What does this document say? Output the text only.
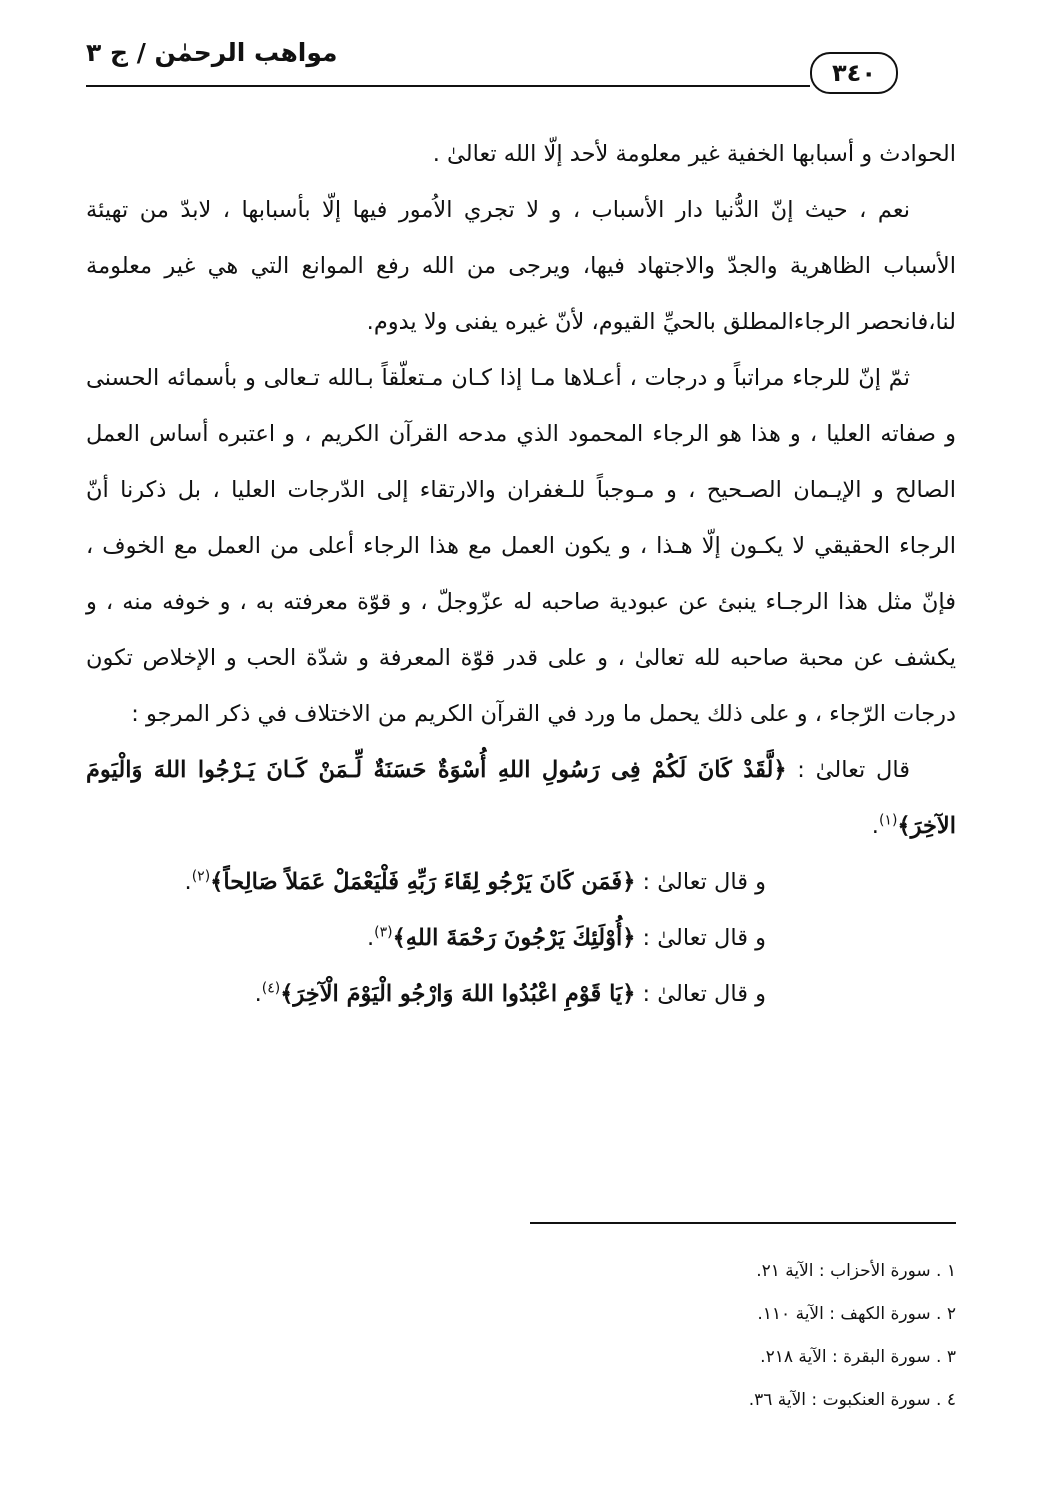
مواهب الرحمٰن / ج ٣
٣٤٠

الحوادث و أسبابها الخفية غير معلومة لأحد إلّا الله تعالىٰ .

نعم ، حيث إنّ الدُّنيا دار الأسباب ، و لا تجري الاُمور فيها إلّا بأسبابها ، لابدّ من تهيئة الأسباب الظاهرية والجدّ والاجتهاد فيها، ويرجى من الله رفع الموانع التي هي غير معلومة لنا،فانحصر الرجاءالمطلق بالحيِّ القيوم، لأنّ غيره يفنى ولا يدوم.

ثمّ إنّ للرجاء مراتباً و درجات ، أعـلاها مـا إذا كـان مـتعلّقاً بـالله تـعالى و بأسمائه الحسنى و صفاته العليا ، و هذا هو الرجاء المحمود الذي مدحه القرآن الكريم ، و اعتبره أساس العمل الصالح و الإيـمان الصـحيح ، و مـوجباً للـغفران والارتقاء إلى الدّرجات العليا ، بل ذكرنا أنّ الرجاء الحقيقي لا يكـون إلّا هـذا ، و يكون العمل مع هذا الرجاء أعلى من العمل مع الخوف ، فإنّ مثل هذا الرجـاء ينبئ عن عبودية صاحبه له عزّوجلّ ، و قوّة معرفته به ، و خوفه منه ، و يكشف عن محبة صاحبه لله تعالىٰ ، و على قدر قوّة المعرفة و شدّة الحب و الإخلاص تكون درجات الرّجاء ، و على ذلك يحمل ما ورد في القرآن الكريم من الاختلاف في ذكر المرجو :

قال تعالىٰ : ﴿لَّقَدْ كَانَ لَكُمْ فِى رَسُولِ اللهِ أُسْوَةٌ حَسَنَةٌ لِّـمَنْ كَـانَ يَـرْجُوا اللهَ وَالْيَومَ الآخِرَ﴾$^{(١)}$.

و قال تعالىٰ : ﴿فَمَن كَانَ يَرْجُو لِقَاءَ رَبِّهِ فَلْيَعْمَلْ عَمَلاً صَالِحاً﴾$^{(٢)}$.

و قال تعالىٰ : ﴿أُوْلَئِكَ يَرْجُونَ رَحْمَةَ اللهِ﴾$^{(٣)}$.

و قال تعالىٰ : ﴿يَا قَوْمِ اعْبُدُوا اللهَ وَارْجُو الْيَوْمَ الْآخِرَ﴾$^{(٤)}$.

١ . سورة الأحزاب : الآية ٢١.
٢ . سورة الكهف : الآية ١١٠.
٣ . سورة البقرة : الآية ٢١٨.
٤ . سورة العنكبوت : الآية ٣٦.
